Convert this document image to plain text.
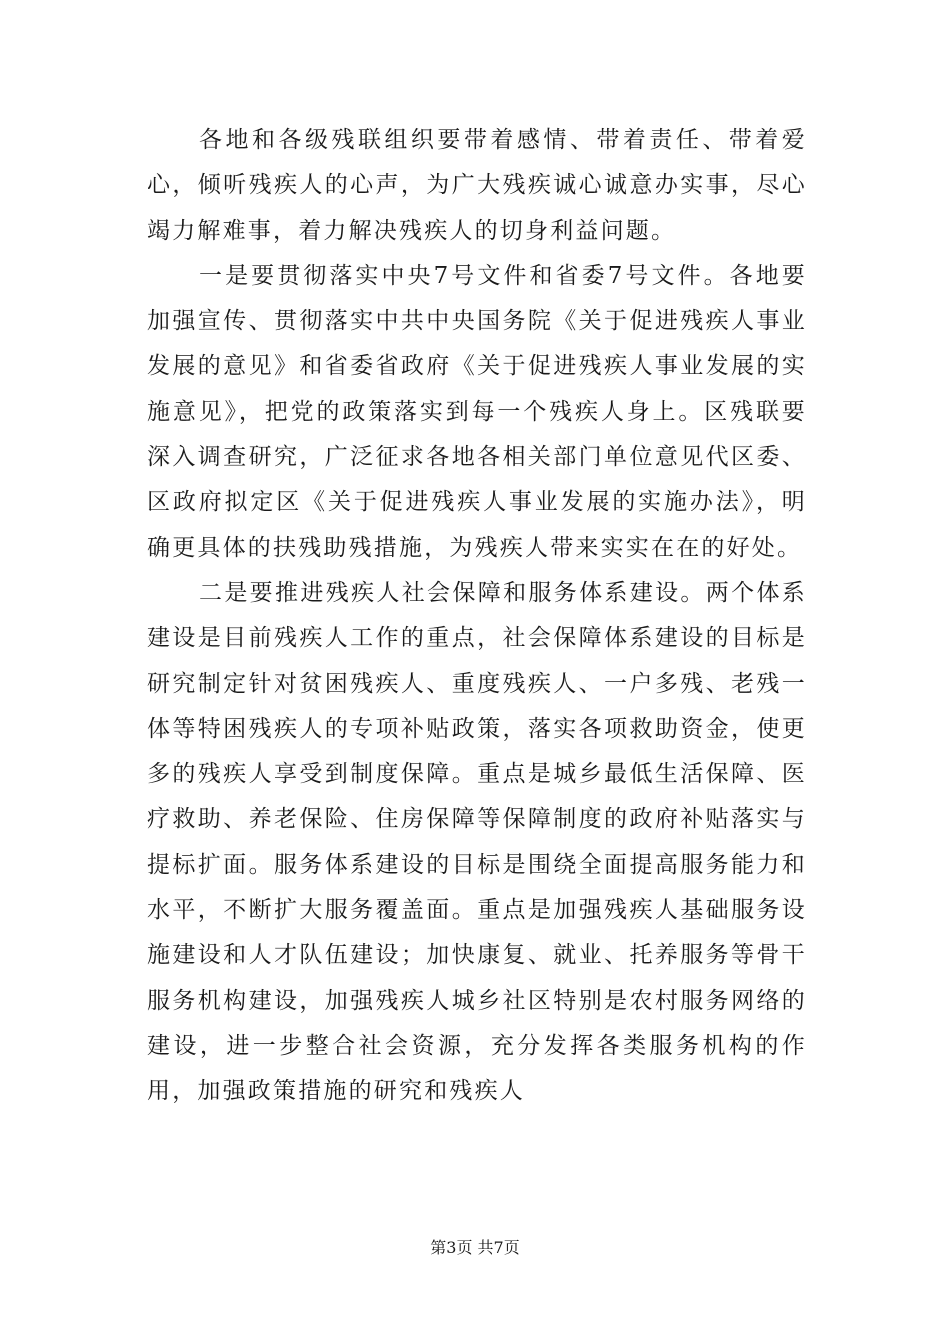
各地和各级残联组织要带着感情、带着责任、带着爱心，倾听残疾人的心声，为广大残疾诚心诚意办实事，尽心竭力解难事，着力解决残疾人的切身利益问题。

一是要贯彻落实中央7号文件和省委7号文件。各地要加强宣传、贯彻落实中共中央国务院《关于促进残疾人事业发展的意见》和省委省政府《关于促进残疾人事业发展的实施意见》，把党的政策落实到每一个残疾人身上。区残联要深入调查研究，广泛征求各地各相关部门单位意见代区委、区政府拟定区《关于促进残疾人事业发展的实施办法》，明确更具体的扶残助残措施，为残疾人带来实实在在的好处。

二是要推进残疾人社会保障和服务体系建设。两个体系建设是目前残疾人工作的重点，社会保障体系建设的目标是研究制定针对贫困残疾人、重度残疾人、一户多残、老残一体等特困残疾人的专项补贴政策，落实各项救助资金，使更多的残疾人享受到制度保障。重点是城乡最低生活保障、医疗救助、养老保险、住房保障等保障制度的政府补贴落实与提标扩面。服务体系建设的目标是围绕全面提高服务能力和水平，不断扩大服务覆盖面。重点是加强残疾人基础服务设施建设和人才队伍建设；加快康复、就业、托养服务等骨干服务机构建设，加强残疾人城乡社区特别是农村服务网络的建设，进一步整合社会资源，充分发挥各类服务机构的作用，加强政策措施的研究和残疾人

第3页 共7页
